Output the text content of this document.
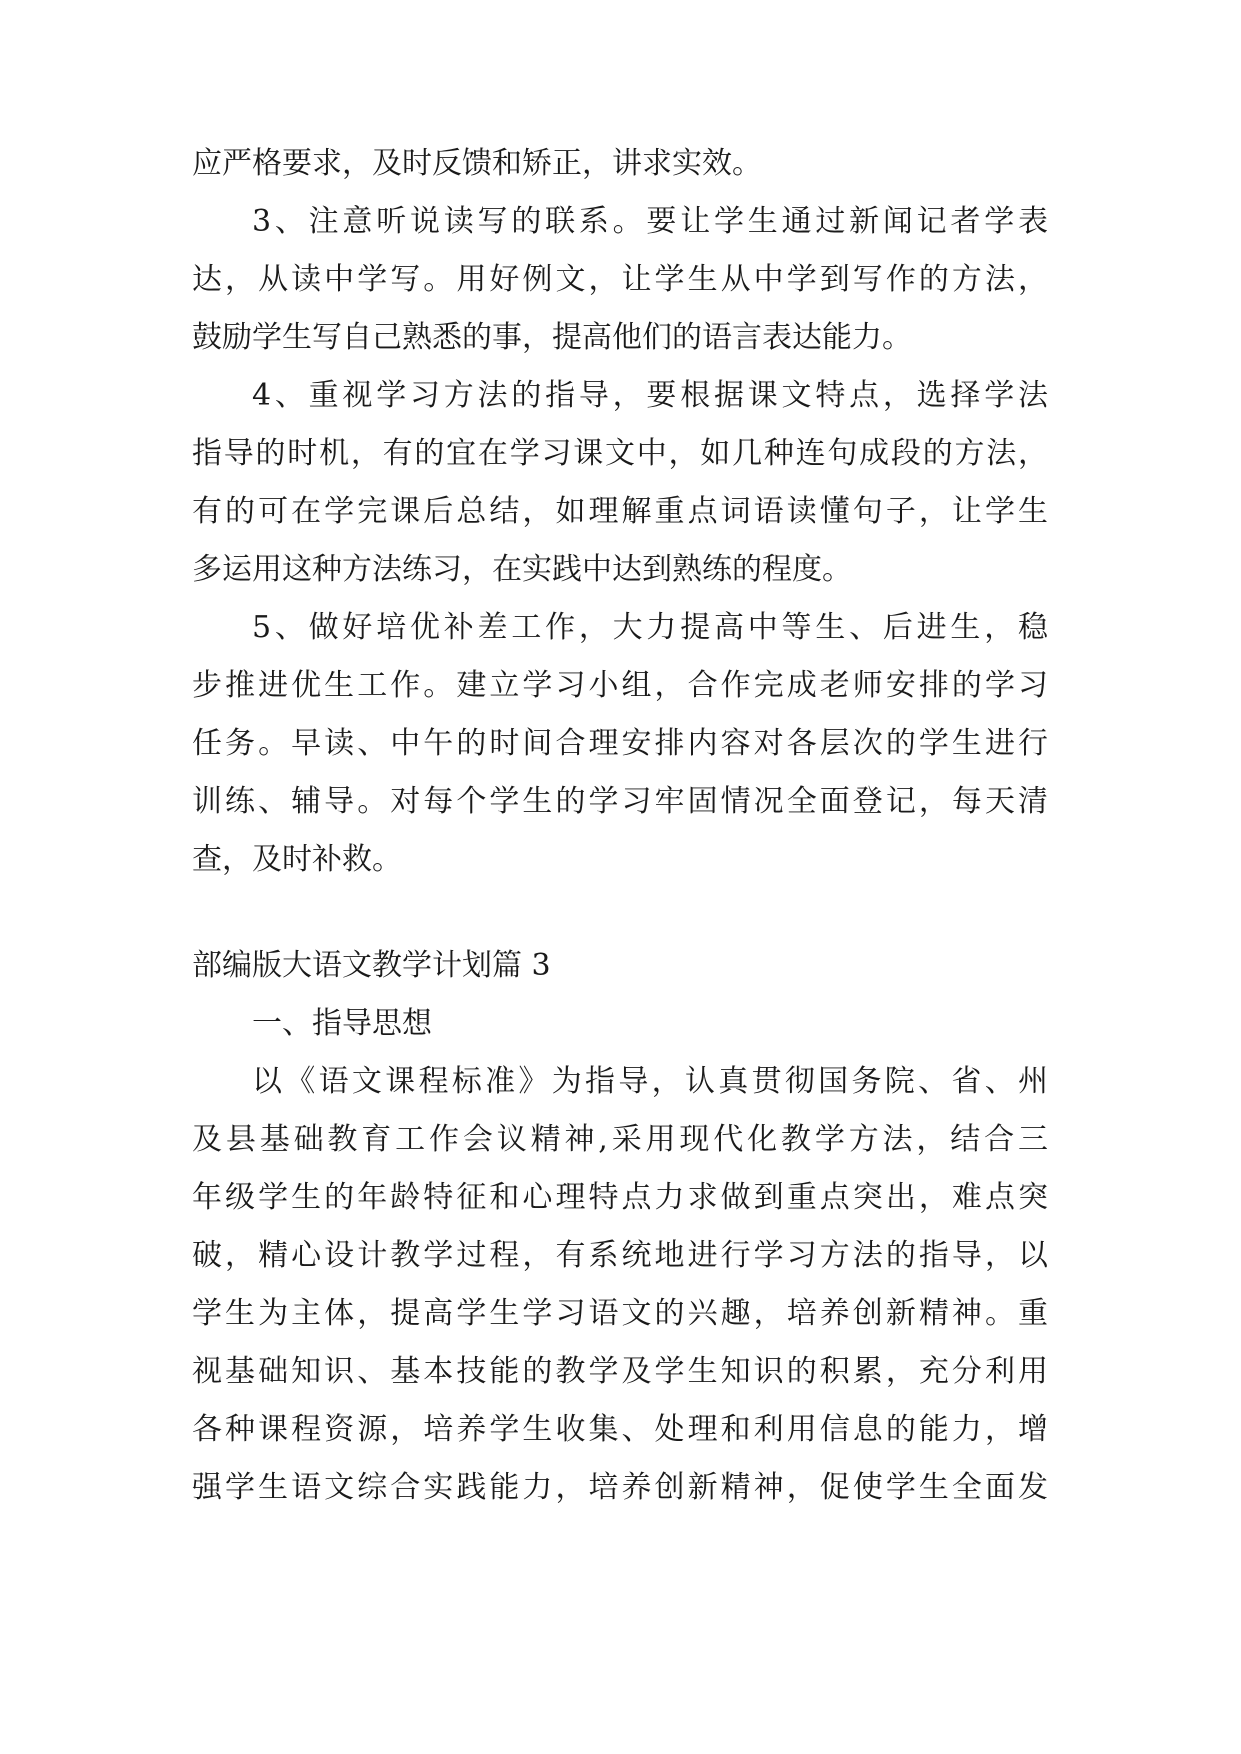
应严格要求，及时反馈和矫正，讲求实效。
3、注意听说读写的联系。要让学生通过新闻记者学表
达，从读中学写。用好例文，让学生从中学到写作的方法，
鼓励学生写自己熟悉的事，提高他们的语言表达能力。
4、重视学习方法的指导，要根据课文特点，选择学法
指导的时机，有的宜在学习课文中，如几种连句成段的方法，
有的可在学完课后总结，如理解重点词语读懂句子，让学生
多运用这种方法练习，在实践中达到熟练的程度。
5、做好培优补差工作，大力提高中等生、后进生，稳
步推进优生工作。建立学习小组，合作完成老师安排的学习
任务。早读、中午的时间合理安排内容对各层次的学生进行
训练、辅导。对每个学生的学习牢固情况全面登记，每天清
查，及时补救。
部编版大语文教学计划篇 3
一、指导思想
以《语文课程标准》为指导，认真贯彻国务院、省、州
及县基础教育工作会议精神,采用现代化教学方法，结合三
年级学生的年龄特征和心理特点力求做到重点突出，难点突
破，精心设计教学过程，有系统地进行学习方法的指导，以
学生为主体，提高学生学习语文的兴趣，培养创新精神。重
视基础知识、基本技能的教学及学生知识的积累，充分利用
各种课程资源，培养学生收集、处理和利用信息的能力，增
强学生语文综合实践能力，培养创新精神，促使学生全面发
